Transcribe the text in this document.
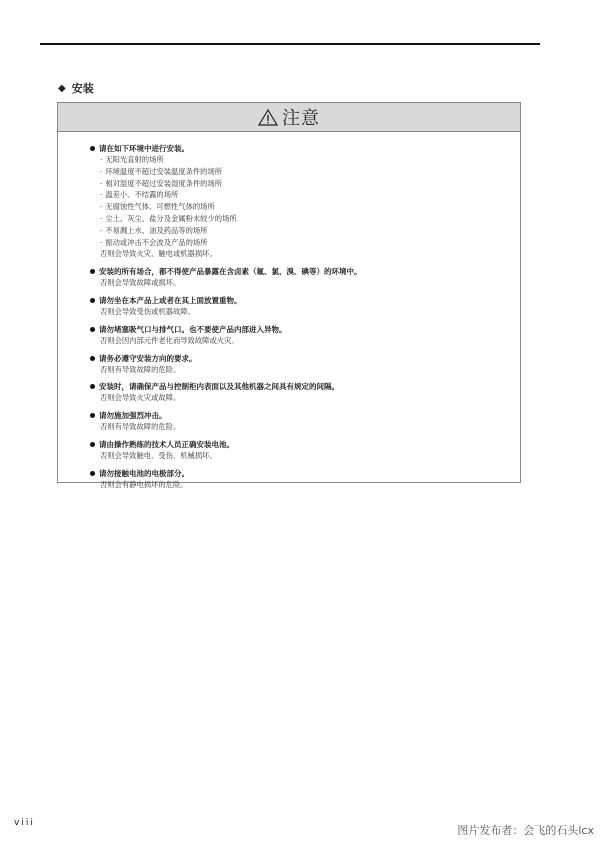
◆ 安装
注意
请在如下环境中进行安装。
· 无阳光直射的场所
· 环境温度不超过安装温度条件的场所
· 相对湿度不超过安装湿度条件的场所
· 温差小、不结露的场所
· 无腐蚀性气体、可燃性气体的场所
· 尘土、灰尘、盐分及金属粉末较少的场所
· 不易溅上水、油及药品等的场所
· 振动或冲击不会波及产品的场所
否则会导致火灾、触电或机器损坏。
安装的所有场合，都不得使产品暴露在含卤素（氟、氯、溴、碘等）的环境中。
否则会导致故障或损坏。
请勿坐在本产品上或者在其上面放置重物。
否则会导致受伤或机器故障。
请勿堵塞吸气口与排气口。也不要使产品内部进入异物。
否则会因内部元件老化而导致故障或火灾。
请务必遵守安装方向的要求。
否则有导致故障的危险。
安装时，请确保产品与控制柜内表面以及其他机器之间具有规定的间隔。
否则会导致火灾或故障。
请勿施加强烈冲击。
否则有导致故障的危险。
请由操作熟练的技术人员正确安装电池。
否则会导致触电、受伤、机械损坏。
请勿接触电池的电极部分。
否则会有静电损坏的危险。
viii
图片发布者：会飞的石头lcx
